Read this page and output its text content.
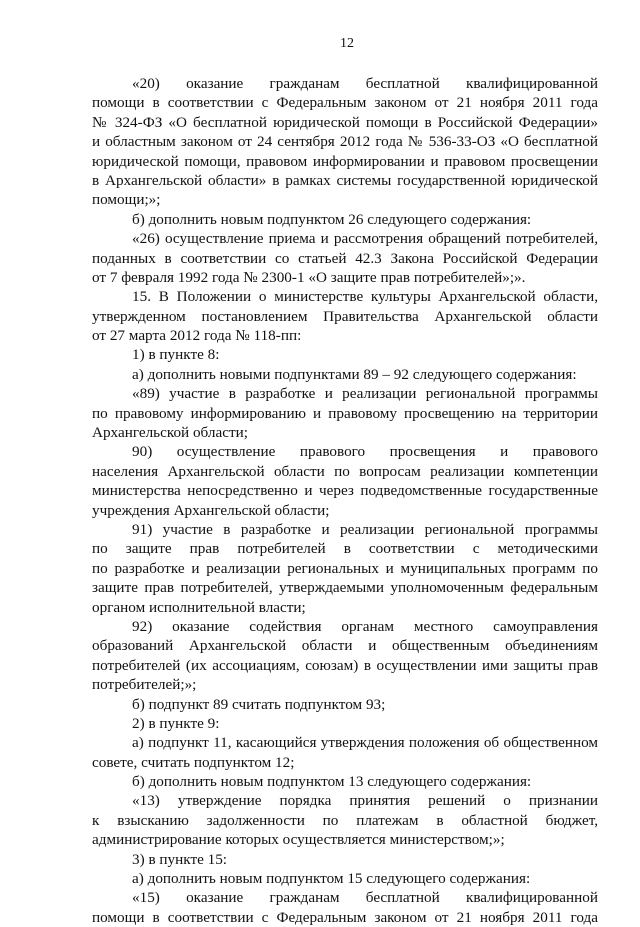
12
«20) оказание гражданам бесплатной квалифицированной
помощи в соответствии с Федеральным законом от 21 ноября 2011 года
№ 324-ФЗ «О бесплатной юридической помощи в Российской Федерации»
и областным законом от 24 сентября 2012 года № 536-33-ОЗ «О бесплатной
юридической помощи, правовом информировании и правовом просвещении
в Архангельской области» в рамках системы государственной юридической
помощи;»;
б) дополнить новым подпунктом 26 следующего содержания:
«26) осуществление приема и рассмотрения обращений потребителей,
поданных в соответствии со статьей 42.3 Закона Российской Федерации
от 7 февраля 1992 года № 2300-1 «О защите прав потребителей»;».
15. В Положении о министерстве культуры Архангельской области,
утвержденном постановлением Правительства Архангельской области
от 27 марта 2012 года № 118-пп:
1) в пункте 8:
а) дополнить новыми подпунктами 89 – 92 следующего содержания:
«89) участие в разработке и реализации региональной программы
по правовому информированию и правовому просвещению на территории
Архангельской области;
90) осуществление правового просвещения и правового
населения Архангельской области по вопросам реализации компетенции
министерства непосредственно и через подведомственные государственные
учреждения Архангельской области;
91) участие в разработке и реализации региональной программы
по защите прав потребителей в соответствии с методическими
по разработке и реализации региональных и муниципальных программ по
защите прав потребителей, утверждаемыми уполномоченным федеральным
органом исполнительной власти;
92) оказание содействия органам местного самоуправления
образований Архангельской области и общественным объединениям
потребителей (их ассоциациям, союзам) в осуществлении ими защиты прав
потребителей;»;
б) подпункт 89 считать подпунктом 93;
2) в пункте 9:
а) подпункт 11, касающийся утверждения положения об общественном
совете, считать подпунктом 12;
б) дополнить новым подпунктом 13 следующего содержания:
«13) утверждение порядка принятия решений о признании
к взысканию задолженности по платежам в областной бюджет,
администрирование которых осуществляется министерством;»;
3) в пункте 15:
а) дополнить новым подпунктом 15 следующего содержания:
«15) оказание гражданам бесплатной квалифицированной
помощи в соответствии с Федеральным законом от 21 ноября 2011 года
